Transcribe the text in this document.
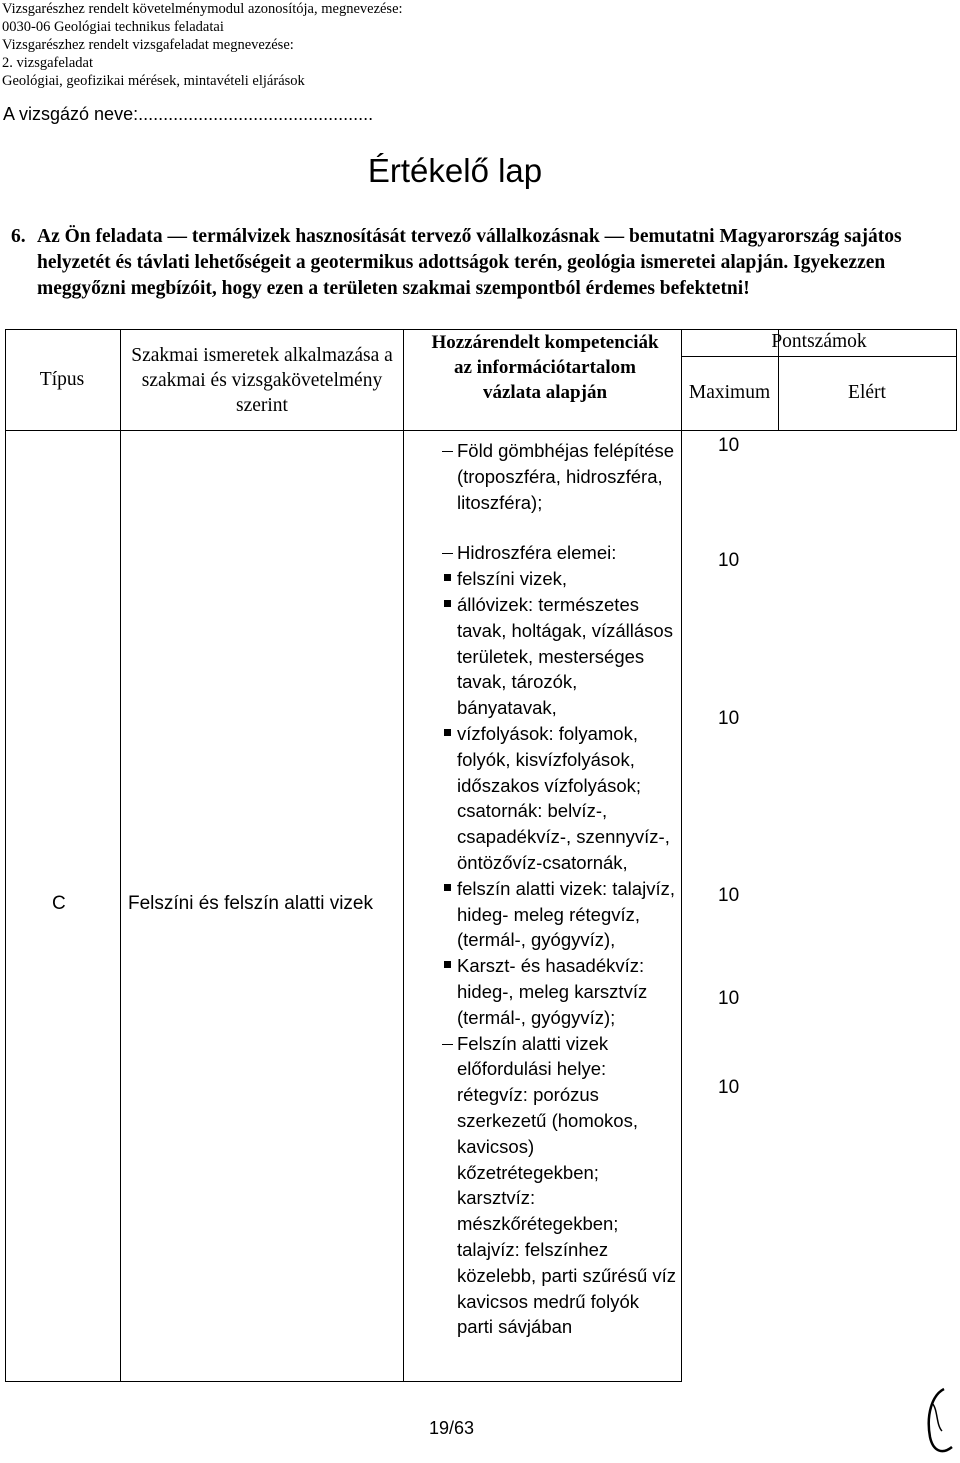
Vizsgarészhez rendelt követelménymodul azonosítója, megnevezése:
0030-06 Geológiai technikus feladatai
Vizsgarészhez rendelt vizsgafeladat megnevezése:
2. vizsgafeladat
Geológiai, geofizikai mérések, mintavételi eljárások
A vizsgázó neve:...............................................
Értékelő lap
6. Az Ön feladata — termálvizek hasznosítását tervező vállalkozásnak — bemutatni Magyarország sajátos helyzetét és távlati lehetőségeit a geotermikus adottságok terén, geológia ismeretei alapján. Igyekezzen meggyőzni megbízóit, hogy ezen a területen szakmai szempontból érdemes befektetni!
Típus
Szakmai ismeretek alkalmazása a szakmai és vizsgakövetelmény szerint
Hozzárendelt kompetenciák az információtartalom vázlata alapján
Pontszámok
Maximum	Elért
C	Felszíni és felszín alatti vizek
Föld gömbhéjas felépítése (troposzféra, hidroszféra, litoszféra);
Hidroszféra elemei:
felszíni vizek,
állóvizek: természetes tavak, holtágak, vízállásos területek, mesterséges tavak, tározók, bányatavak,
vízfolyások: folyamok, folyók, kisvízfolyások, időszakos vízfolyások; csatornák: belvíz-, csapadékvíz-, szennyvíz-, öntözővíz-csatornák,
felszín alatti vizek: talajvíz, hideg- meleg rétegvíz, (termál-, gyógyvíz),
Karszt- és hasadékvíz: hideg-, meleg karsztvíz (termál-, gyógyvíz);
Felszín alatti vizek előfordulási helye: rétegvíz: porózus szerkezetű (homokos, kavicsos) kőzetrétegekben; karsztvíz: mészkőrétegekben; talajvíz: felszínhez közelebb, parti szűrésű víz kavicsos medrű folyók parti sávjában
10
10
10
10
10
10
19/63
